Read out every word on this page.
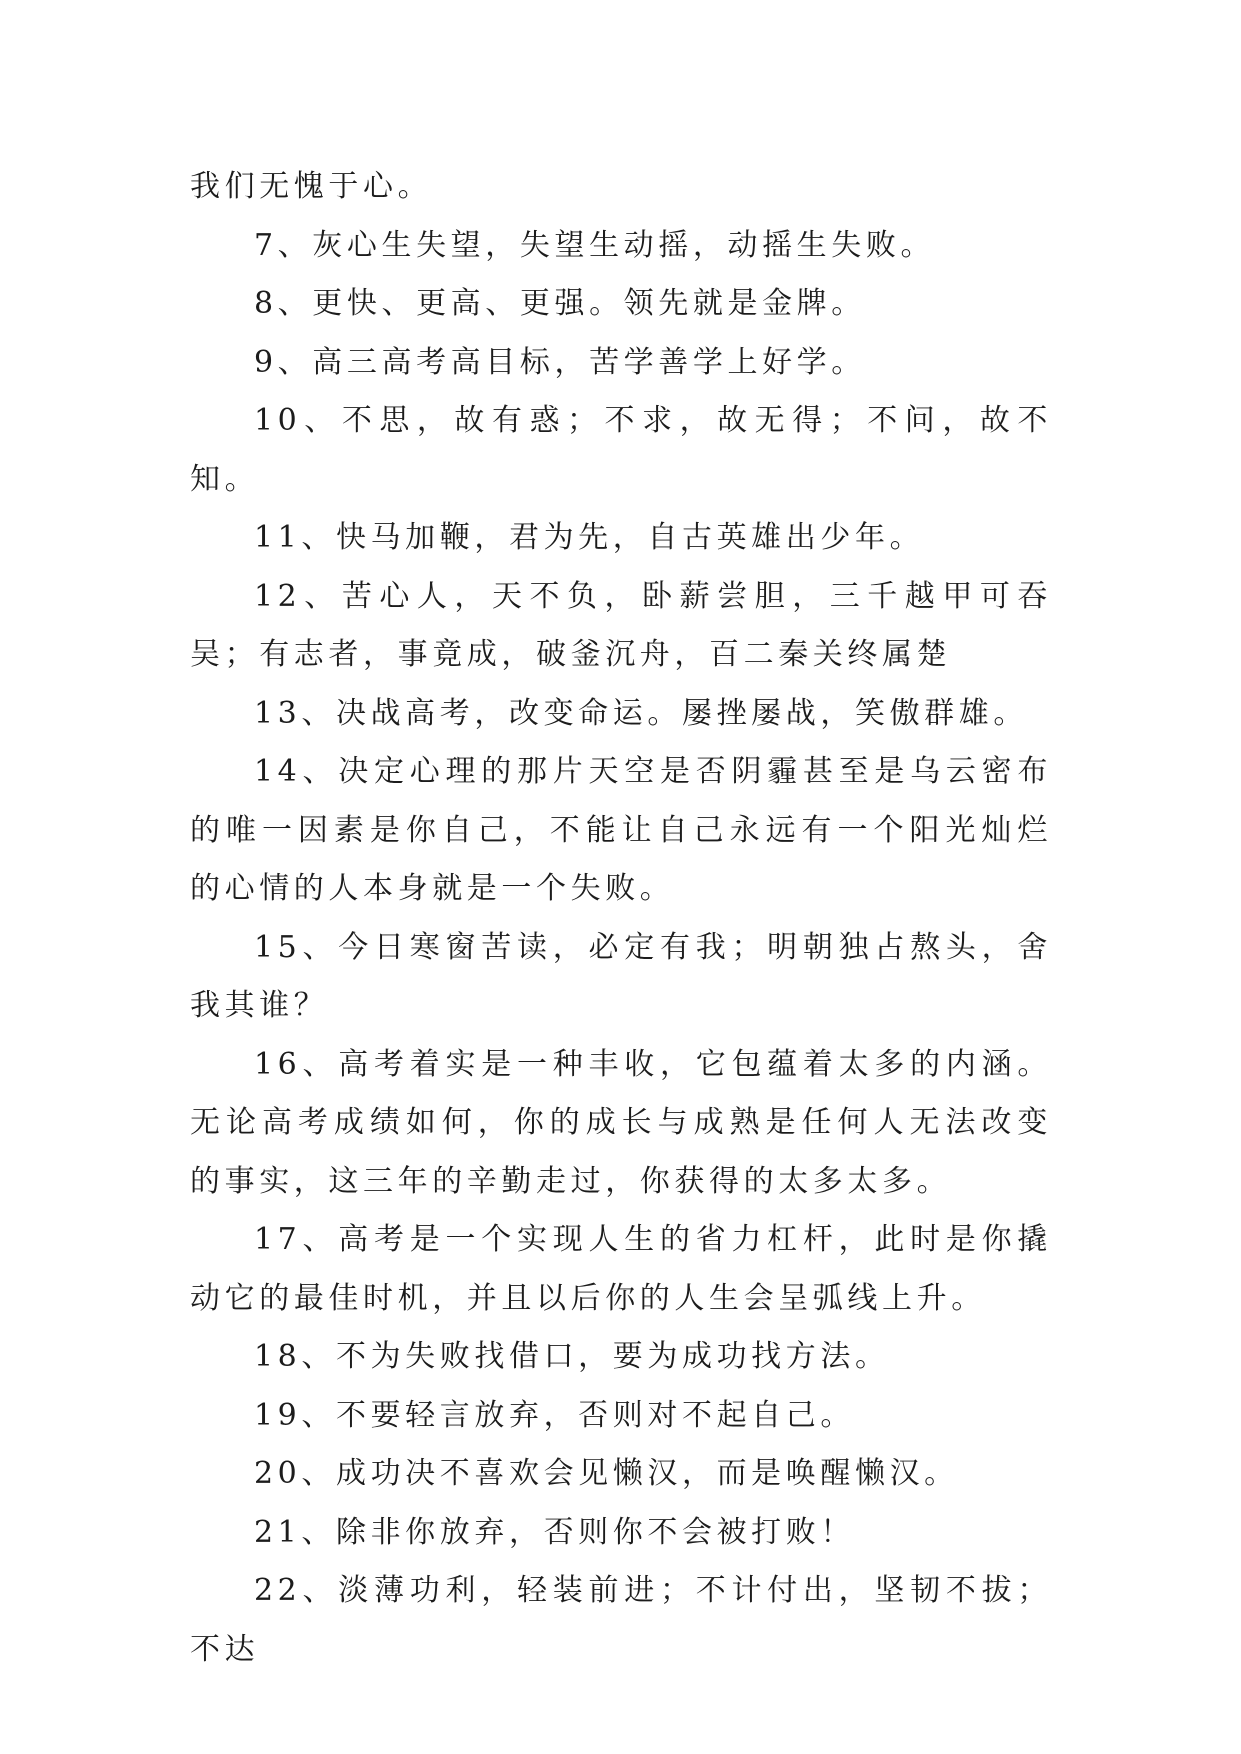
我们无愧于心。

7、灰心生失望，失望生动摇，动摇生失败。

8、更快、更高、更强。领先就是金牌。

9、高三高考高目标，苦学善学上好学。

10、不思，故有惑；不求，故无得；不问，故不知。

11、快马加鞭，君为先，自古英雄出少年。

12、苦心人，天不负，卧薪尝胆，三千越甲可吞吴；有志者，事竟成，破釜沉舟，百二秦关终属楚

13、决战高考，改变命运。屡挫屡战，笑傲群雄。

14、决定心理的那片天空是否阴霾甚至是乌云密布的唯一因素是你自己，不能让自己永远有一个阳光灿烂的心情的人本身就是一个失败。

15、今日寒窗苦读，必定有我；明朝独占熬头，舍我其谁？

16、高考着实是一种丰收，它包蕴着太多的内涵。无论高考成绩如何，你的成长与成熟是任何人无法改变的事实，这三年的辛勤走过，你获得的太多太多。

17、高考是一个实现人生的省力杠杆，此时是你撬动它的最佳时机，并且以后你的人生会呈弧线上升。

18、不为失败找借口，要为成功找方法。

19、不要轻言放弃，否则对不起自己。

20、成功决不喜欢会见懒汉，而是唤醒懒汉。

21、除非你放弃，否则你不会被打败！

22、淡薄功利，轻装前进；不计付出，坚韧不拔；不达
